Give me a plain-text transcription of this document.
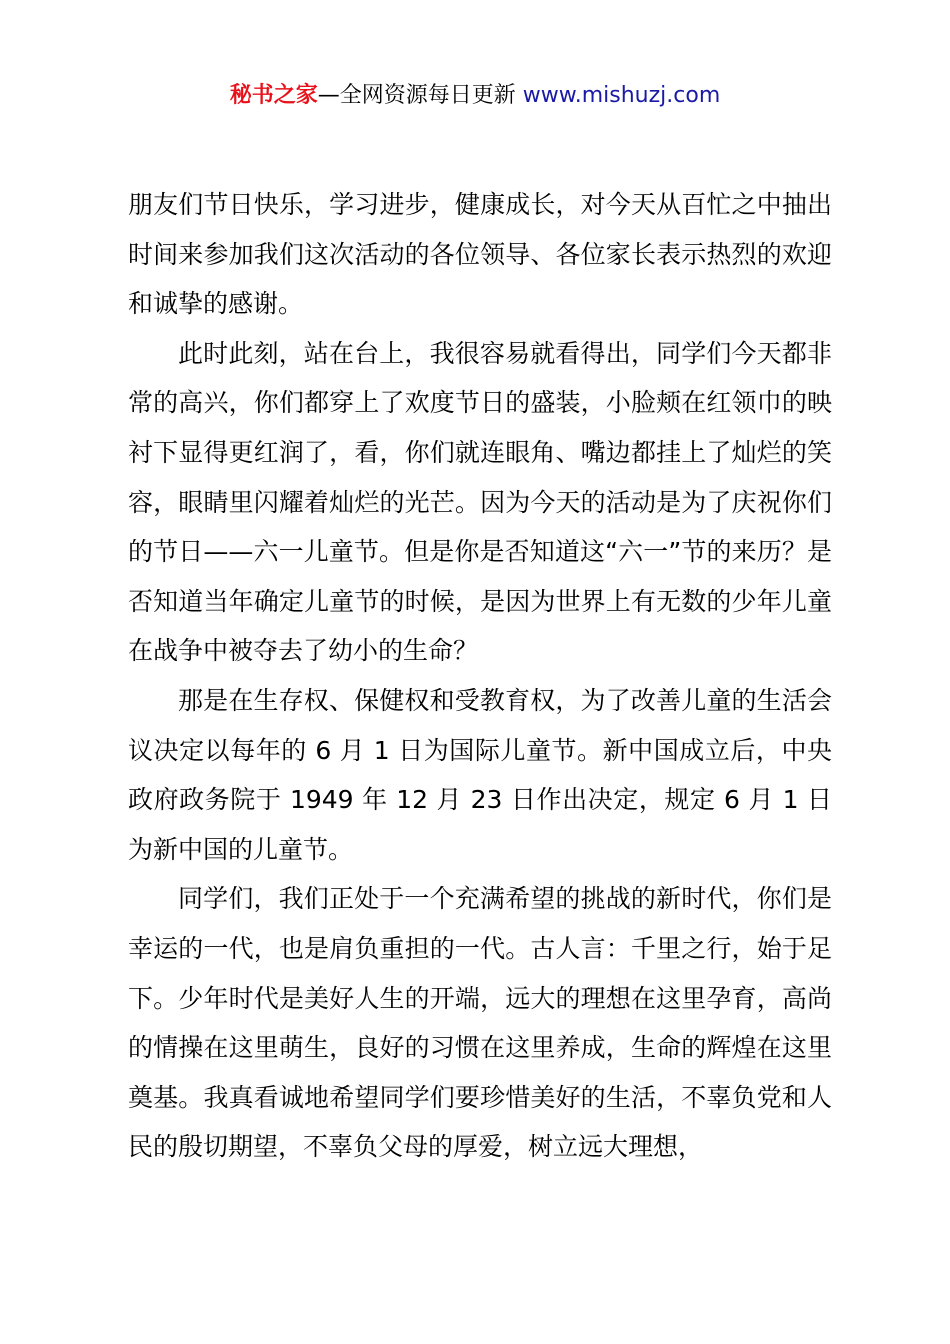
秘书之家—全网资源每日更新 www.mishuzj.com

朋友们节日快乐，学习进步，健康成长，对今天从百忙之中抽出时间来参加我们这次活动的各位领导、各位家长表示热烈的欢迎和诚挚的感谢。

此时此刻，站在台上，我很容易就看得出，同学们今天都非常的高兴，你们都穿上了欢度节日的盛装，小脸颊在红领巾的映衬下显得更红润了，看，你们就连眼角、嘴边都挂上了灿烂的笑容，眼睛里闪耀着灿烂的光芒。因为今天的活动是为了庆祝你们的节日——六一儿童节。但是你是否知道这“六一”节的来历？是否知道当年确定儿童节的时候，是因为世界上有无数的少年儿童在战争中被夺去了幼小的生命？

那是在生存权、保健权和受教育权，为了改善儿童的生活会议决定以每年的 6 月 1 日为国际儿童节。新中国成立后，中央政府政务院于 1949 年 12 月 23 日作出决定，规定 6 月 1 日为新中国的儿童节。

同学们，我们正处于一个充满希望的挑战的新时代，你们是幸运的一代，也是肩负重担的一代。古人言：千里之行，始于足下。少年时代是美好人生的开端，远大的理想在这里孕育，高尚的情操在这里萌生，良好的习惯在这里养成，生命的辉煌在这里奠基。我真看诚地希望同学们要珍惜美好的生活，不辜负党和人民的殷切期望，不辜负父母的厚爱，树立远大理想，
